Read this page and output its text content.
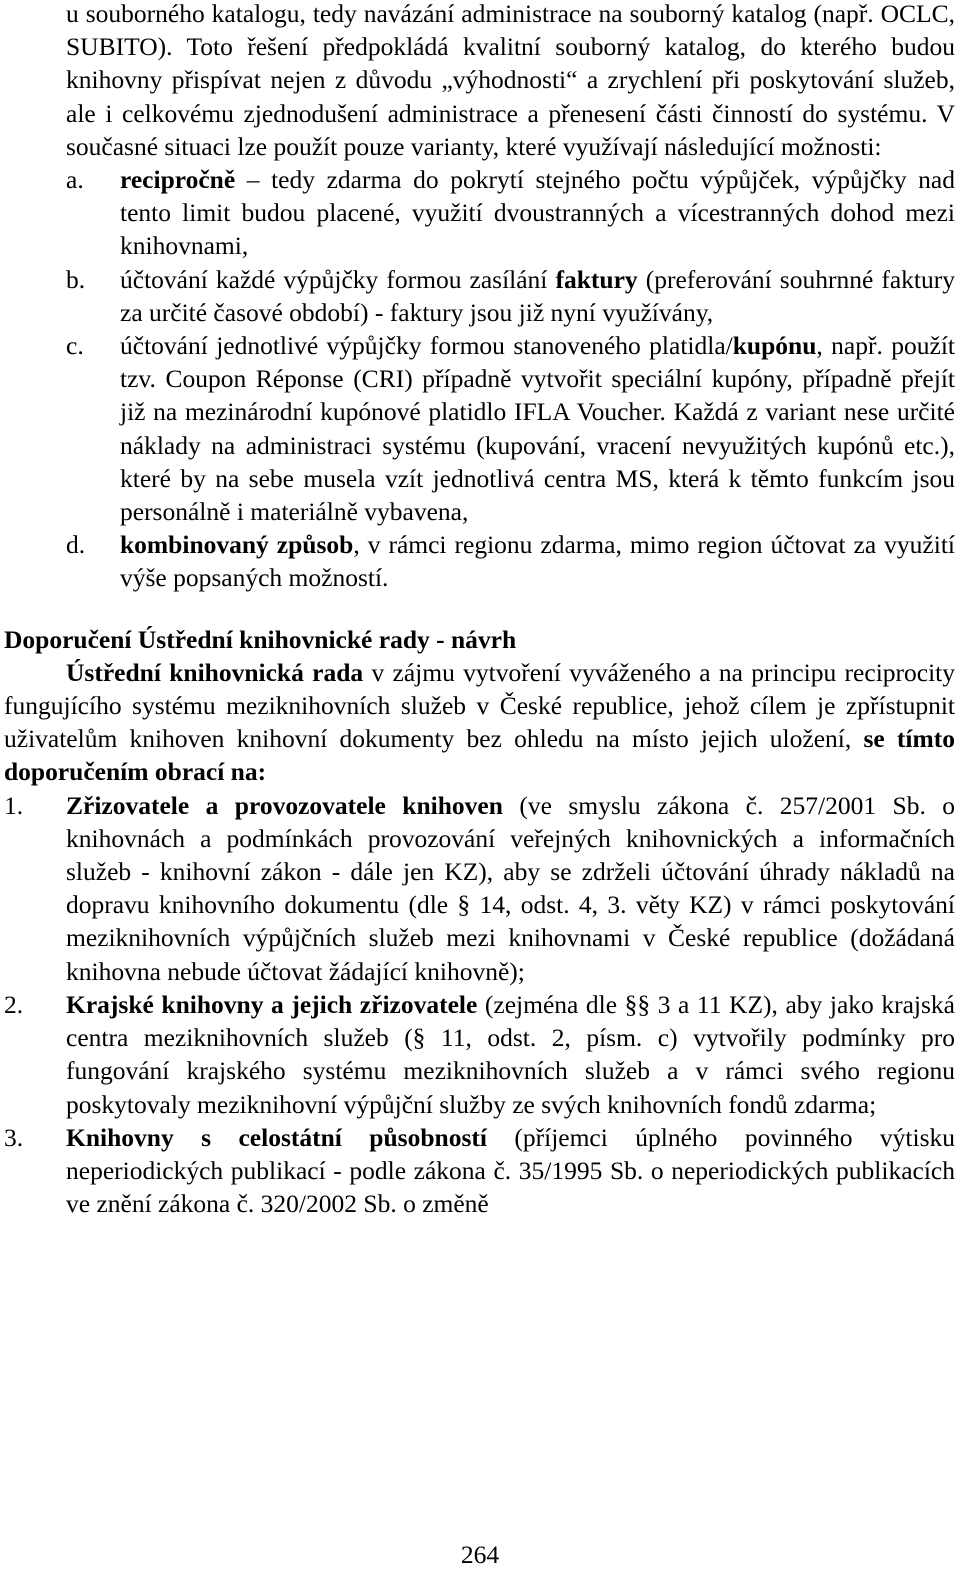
u souborného katalogu, tedy navázání administrace na souborný katalog (např. OCLC, SUBITO). Toto řešení předpokládá kvalitní souborný katalog, do kterého budou knihovny přispívat nejen z důvodu „výhodnosti“ a zrychlení při poskytování služeb, ale i celkovému zjednodušení administrace a přenesení části činností do systému. V současné situaci lze použít pouze varianty, které využívají následující možnosti:

a. recipročně – tedy zdarma do pokrytí stejného počtu výpůjček, výpůjčky nad tento limit budou placené, využití dvoustranných a vícestranných dohod mezi knihovnami,
b. účtování každé výpůjčky formou zasílání faktury (preferování souhrnné faktury za určité časové období) - faktury jsou již nyní využívány,
c. účtování jednotlivé výpůjčky formou stanoveného platidla/kupónu, např. použít tzv. Coupon Réponse (CRI) případně vytvořit speciální kupóny, případně přejít již na mezinárodní kupónové platidlo IFLA Voucher. Každá z variant nese určité náklady na administraci systému (kupování, vracení nevyužitých kupónů etc.), které by na sebe musela vzít jednotlivá centra MS, která k těmto funkcím jsou personálně i materiálně vybavena,
d. kombinovaný způsob, v rámci regionu zdarma, mimo region účtovat za využití výše popsaných možností.

Doporučení Ústřední knihovnické rady - návrh

Ústřední knihovnická rada v zájmu vytvoření vyváženého a na principu reciprocity fungujícího systému meziknihovních služeb v České republice, jehož cílem je zpřístupnit uživatelům knihoven knihovní dokumenty bez ohledu na místo jejich uložení, se tímto doporučením obrací na:

1. Zřizovatele a provozovatele knihoven (ve smyslu zákona č. 257/2001 Sb. o knihovnách a podmínkách provozování veřejných knihovnických a informačních služeb - knihovní zákon - dále jen KZ), aby se zdrželi účtování úhrady nákladů na dopravu knihovního dokumentu (dle § 14, odst. 4, 3. věty KZ) v rámci poskytování meziknihovních výpůjčních služeb mezi knihovnami v České republice (dožádaná knihovna nebude účtovat žádající knihovně);
2. Krajské knihovny a jejich zřizovatele (zejména dle §§ 3 a 11 KZ), aby jako krajská centra meziknihovních služeb (§ 11, odst. 2, písm. c) vytvořily podmínky pro fungování krajského systému meziknihovních služeb a v rámci svého regionu poskytovaly meziknihovní výpůjční služby ze svých knihovních fondů zdarma;
3. Knihovny s celostátní působností (příjemci úplného povinného výtisku neperiodických publikací - podle zákona č. 35/1995 Sb. o neperiodických publikacích ve znění zákona č. 320/2002 Sb. o změně
264
